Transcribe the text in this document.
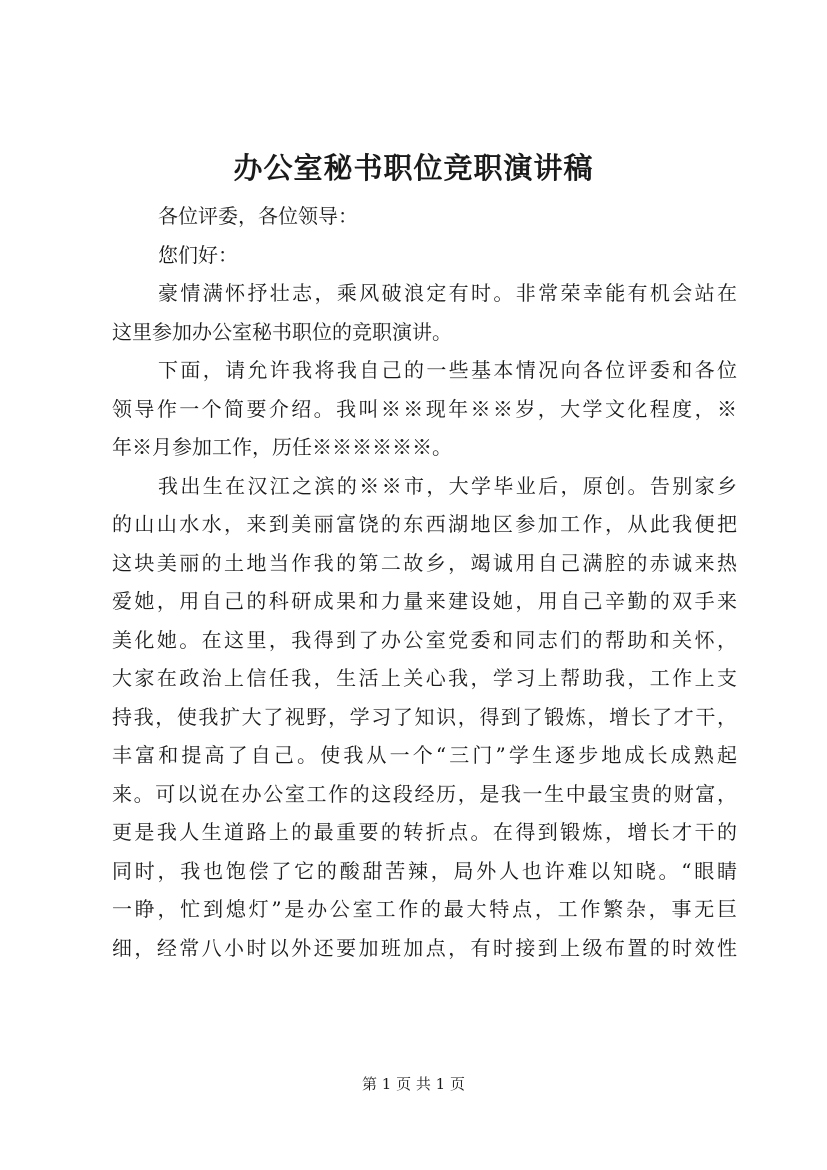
办公室秘书职位竞职演讲稿
各位评委，各位领导：
您们好：
豪情满怀抒壮志，乘风破浪定有时。非常荣幸能有机会站在
这里参加办公室秘书职位的竞职演讲。
下面，请允许我将我自己的一些基本情况向各位评委和各位
领导作一个简要介绍。我叫※※现年※※岁，大学文化程度，※
年※月参加工作，历任※※※※※※。
我出生在汉江之滨的※※市，大学毕业后，原创。告别家乡
的山山水水，来到美丽富饶的东西湖地区参加工作，从此我便把
这块美丽的土地当作我的第二故乡，竭诚用自己满腔的赤诚来热
爱她，用自己的科研成果和力量来建设她，用自己辛勤的双手来
美化她。在这里，我得到了办公室党委和同志们的帮助和关怀，
大家在政治上信任我，生活上关心我，学习上帮助我，工作上支
持我，使我扩大了视野，学习了知识，得到了锻炼，增长了才干，
丰富和提高了自己。使我从一个“三门”学生逐步地成长成熟起
来。可以说在办公室工作的这段经历，是我一生中最宝贵的财富，
更是我人生道路上的最重要的转折点。在得到锻炼，增长才干的
同时，我也饱偿了它的酸甜苦辣，局外人也许难以知晓。“眼睛
一睁，忙到熄灯”是办公室工作的最大特点，工作繁杂，事无巨
细，经常八小时以外还要加班加点，有时接到上级布置的时效性
第 1 页 共 1 页
